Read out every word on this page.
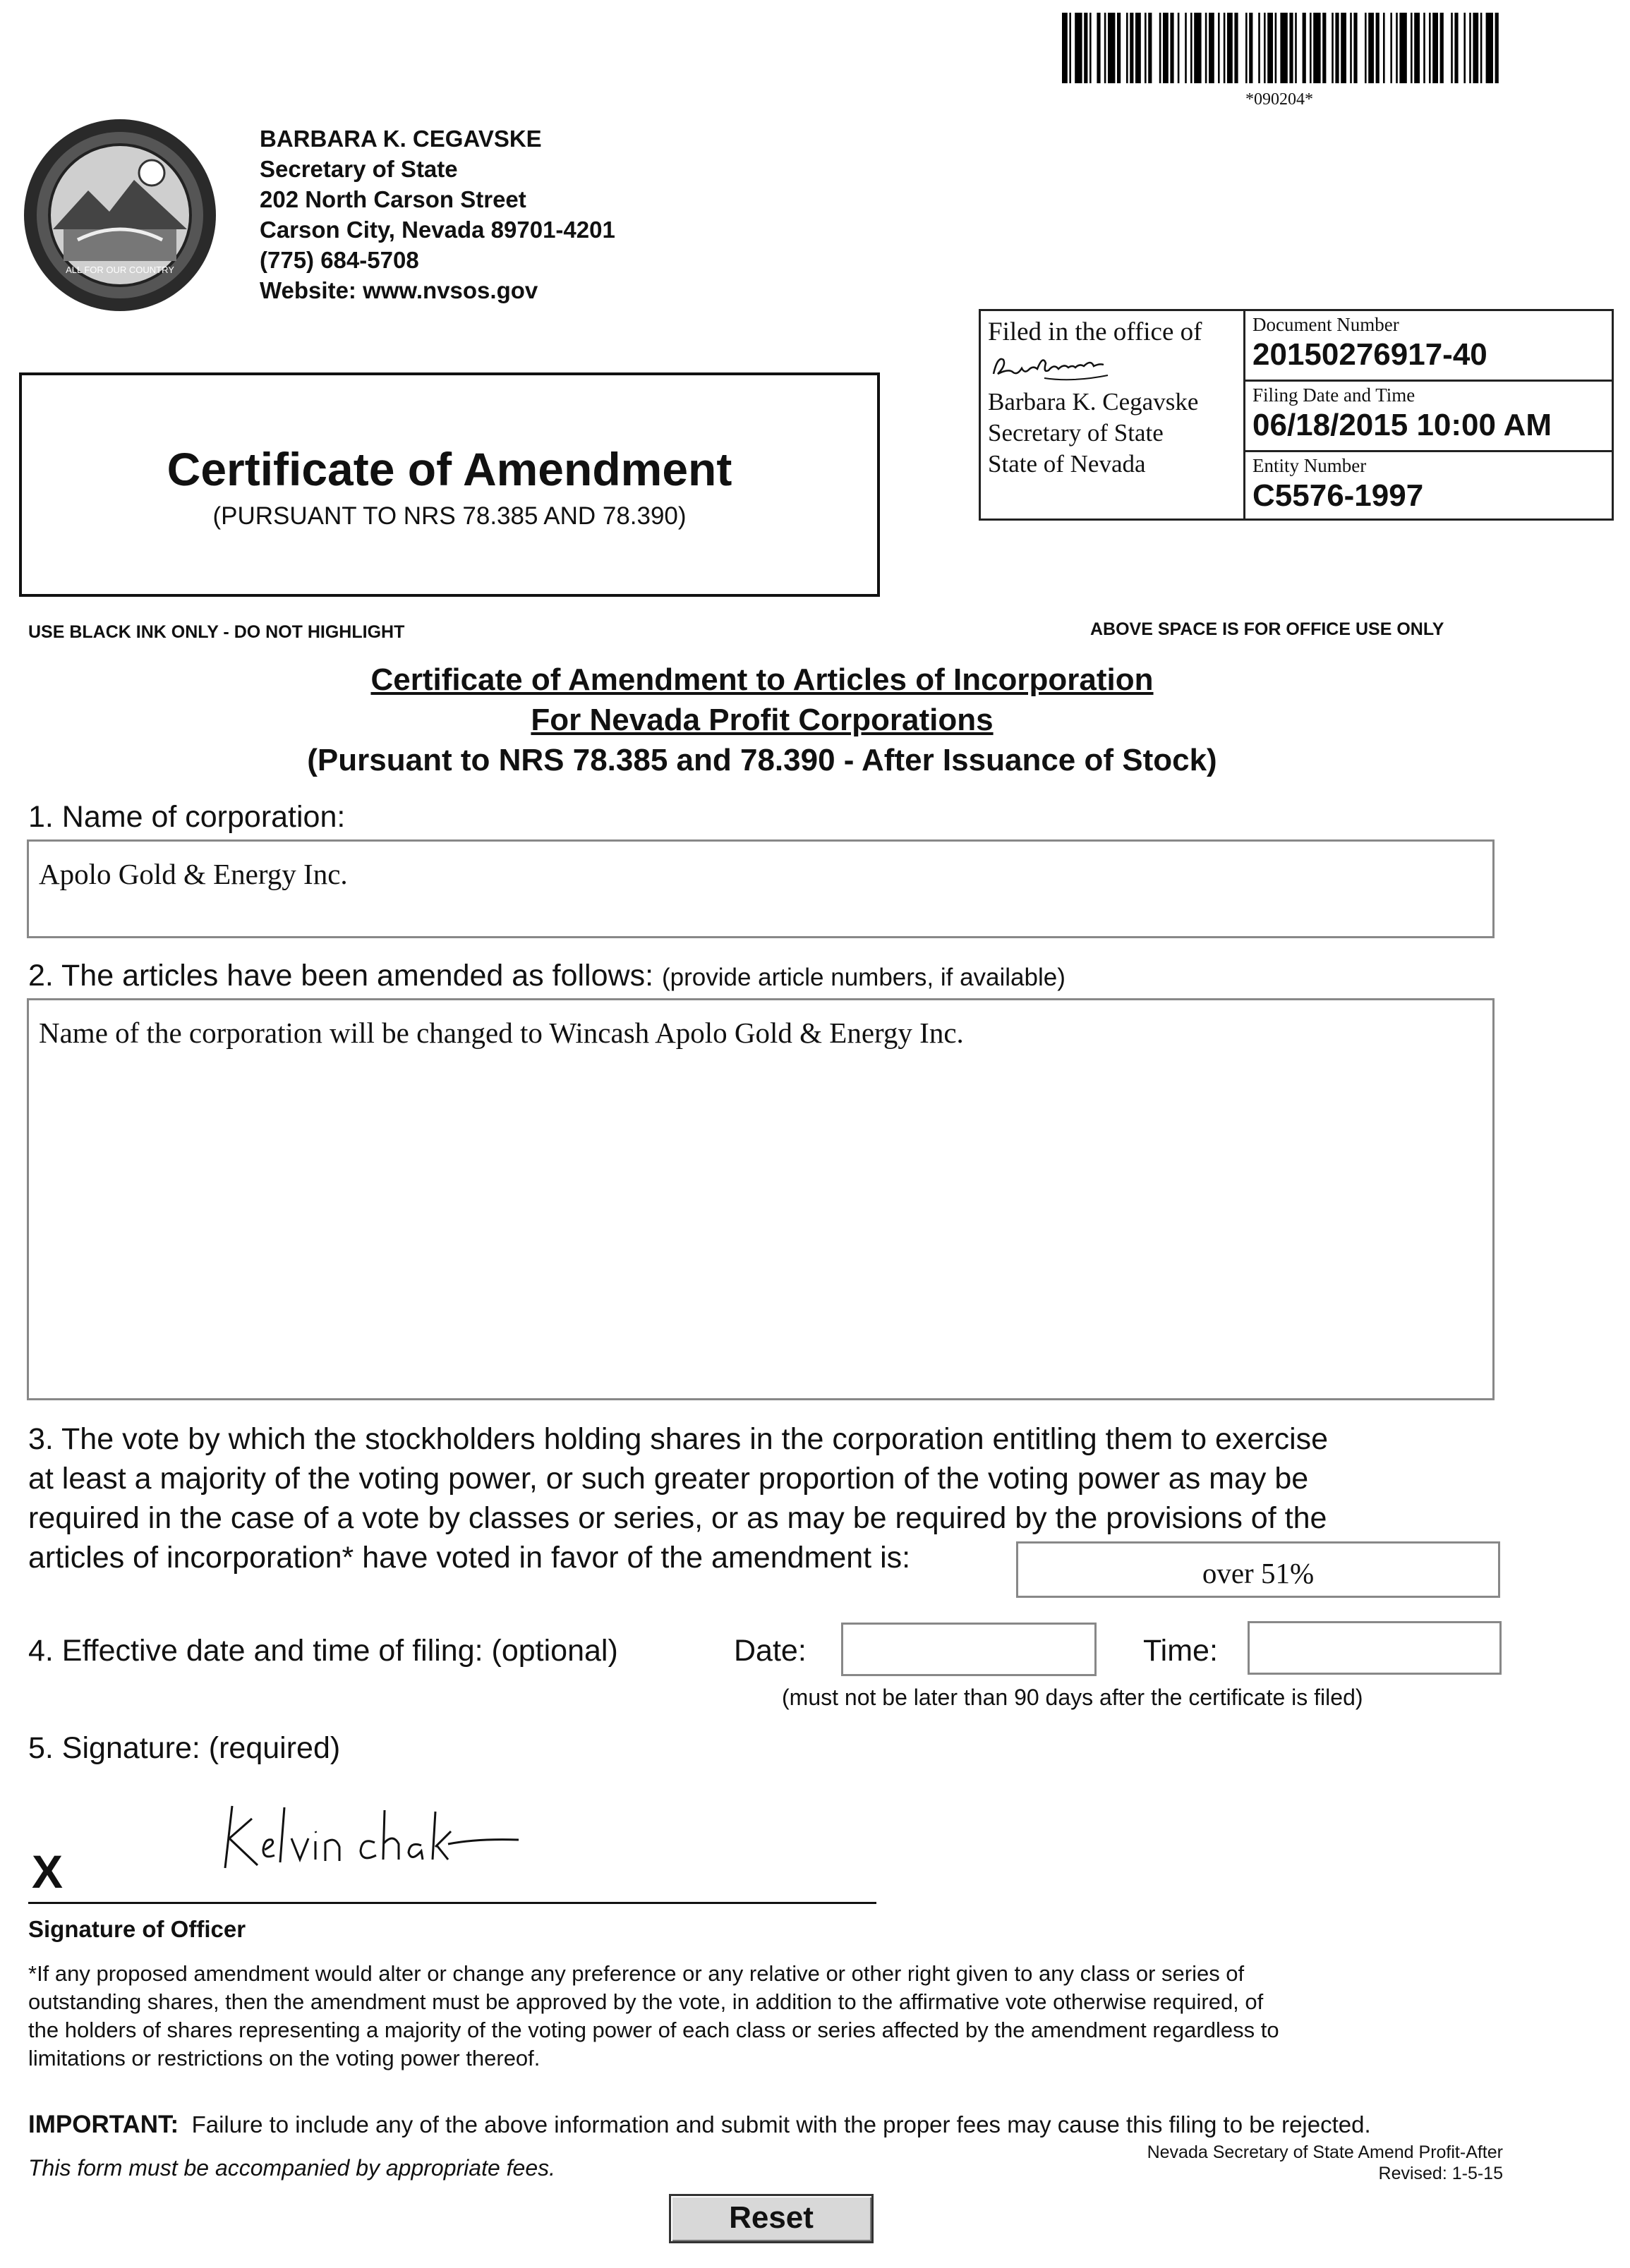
*090204*
ALL FOR OUR COUNTRY
BARBARA K. CEGAVSKE
Secretary of State
202 North Carson Street
Carson City, Nevada 89701-4201
(775) 684-5708
Website: www.nvsos.gov
Filed in the office of
Barbara K. Cegavske
Secretary of State
State of Nevada
Document Number
20150276917-40
Filing Date and Time
06/18/2015 10:00 AM
Entity Number
C5576-1997
Certificate of Amendment
(PURSUANT TO NRS 78.385 AND 78.390)
USE BLACK INK ONLY - DO NOT HIGHLIGHT	ABOVE SPACE IS FOR OFFICE USE ONLY
Certificate of Amendment to Articles of Incorporation
For Nevada Profit Corporations
(Pursuant to NRS 78.385 and 78.390 - After Issuance of Stock)
1. Name of corporation:
Apolo Gold & Energy Inc.
2. The articles have been amended as follows: (provide article numbers, if available)
Name of the corporation will be changed to Wincash Apolo Gold & Energy Inc.
3. The vote by which the stockholders holding shares in the corporation entitling them to exercise
at least a majority of the voting power, or such greater proportion of the voting power as may be
required in the case of a vote by classes or series, or as may be required by the provisions of the
articles of incorporation* have voted in favor of the amendment is:	over 51%
4. Effective date and time of filing: (optional)	Date:	Time:
(must not be later than 90 days after the certificate is filed)
5. Signature: (required)
X
Signature of Officer
*If any proposed amendment would alter or change any preference or any relative or other right given to any class or series of
outstanding shares, then the amendment must be approved by the vote, in addition to the affirmative vote otherwise required, of
the holders of shares representing a majority of the voting power of each class or series affected by the amendment regardless to
limitations or restrictions on the voting power thereof.
IMPORTANT: Failure to include any of the above information and submit with the proper fees may cause this filing to be rejected.
This form must be accompanied by appropriate fees.
Nevada Secretary of State Amend Profit-After
Revised: 1-5-15
Reset
